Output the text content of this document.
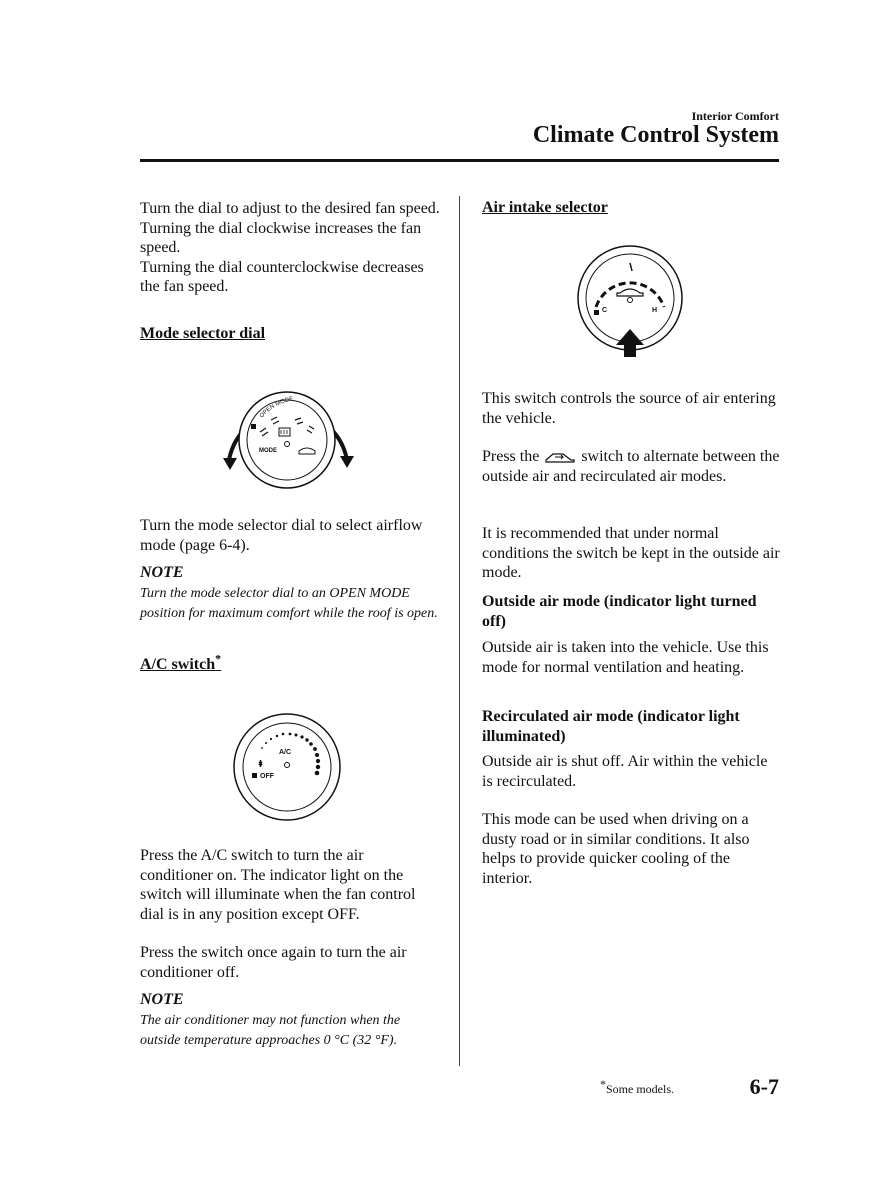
Interior Comfort
Climate Control System
Turn the dial to adjust to the desired fan speed.
Turning the dial clockwise increases the fan speed.
Turning the dial counterclockwise decreases the fan speed.
Mode selector dial
OPEN MODE
MODE
Turn the mode selector dial to select airflow mode (page 6-4).
NOTE
Turn the mode selector dial to an OPEN MODE position for maximum comfort while the roof is open.
A/C switch*
A/C
OFF
Press the A/C switch to turn the air conditioner on. The indicator light on the switch will illuminate when the fan control dial is in any position except OFF.
Press the switch once again to turn the air conditioner off.
NOTE
The air conditioner may not function when the outside temperature approaches 0 °C (32 °F).
Air intake selector
C	H
This switch controls the source of air entering the vehicle.
Press the	switch to alternate between the outside air and recirculated air modes.
It is recommended that under normal conditions the switch be kept in the outside air mode.
Outside air mode (indicator light turned off)
Outside air is taken into the vehicle. Use this mode for normal ventilation and heating.
Recirculated air mode (indicator light illuminated)
Outside air is shut off. Air within the vehicle is recirculated.
This mode can be used when driving on a dusty road or in similar conditions. It also helps to provide quicker cooling of the interior.
*Some models.	6-7
